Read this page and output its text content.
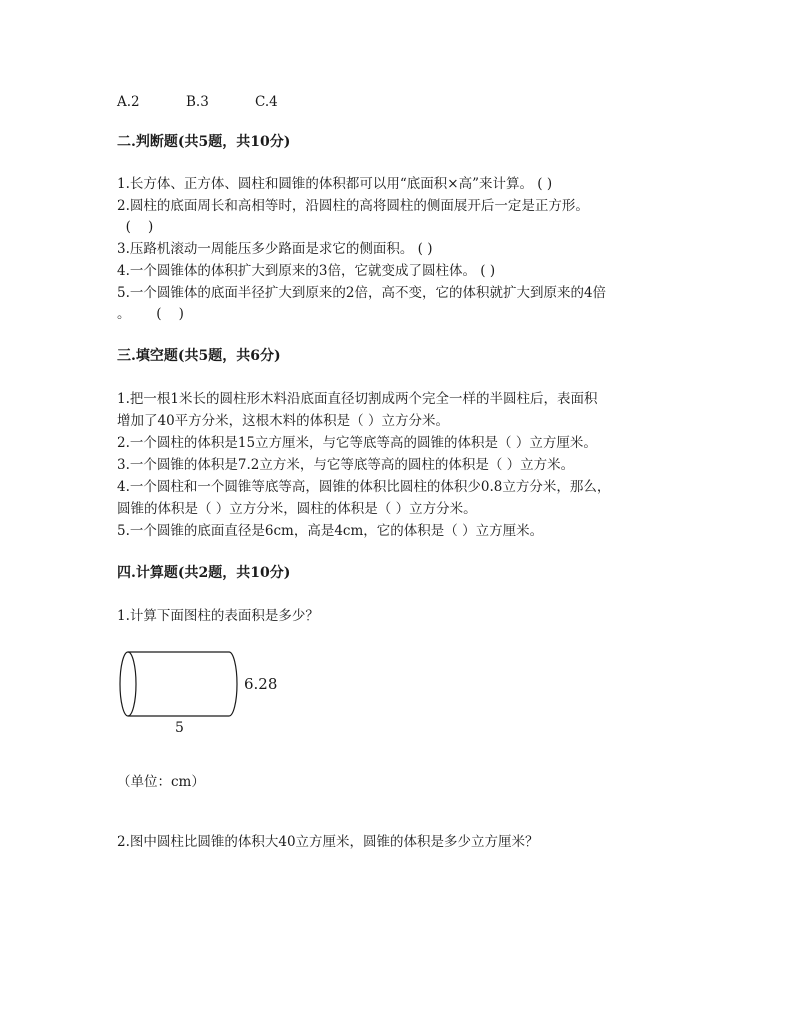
A.2	B.3	C.4
二.判断题(共5题，共10分)
1.长方体、正方体、圆柱和圆锥的体积都可以用“底面积×高”来计算。 ( )
2.圆柱的底面周长和高相等时，沿圆柱的高将圆柱的侧面展开后一定是正方形。
(    )
3.压路机滚动一周能压多少路面是求它的侧面积。 ( )
4.一个圆锥体的体积扩大到原来的3倍，它就变成了圆柱体。 ( )
5.一个圆锥体的底面半径扩大到原来的2倍，高不变，它的体积就扩大到原来的4倍
。      (    )
三.填空题(共5题，共6分)
1.把一根1米长的圆柱形木料沿底面直径切割成两个完全一样的半圆柱后，表面积
增加了40平方分米，这根木料的体积是（ ）立方分米。
2.一个圆柱的体积是15立方厘米，与它等底等高的圆锥的体积是（ ）立方厘米。
3.一个圆锥的体积是7.2立方米，与它等底等高的圆柱的体积是（ ）立方米。
4.一个圆柱和一个圆锥等底等高，圆锥的体积比圆柱的体积少0.8立方分米，那么，
圆锥的体积是（ ）立方分米，圆柱的体积是（ ）立方分米。
5.一个圆锥的底面直径是6cm，高是4cm，它的体积是（ ）立方厘米。
四.计算题(共2题，共10分)
1.计算下面图柱的表面积是多少？
6.28
5
（单位：cm）
2.图中圆柱比圆锥的体积大40立方厘米，圆锥的体积是多少立方厘米？
